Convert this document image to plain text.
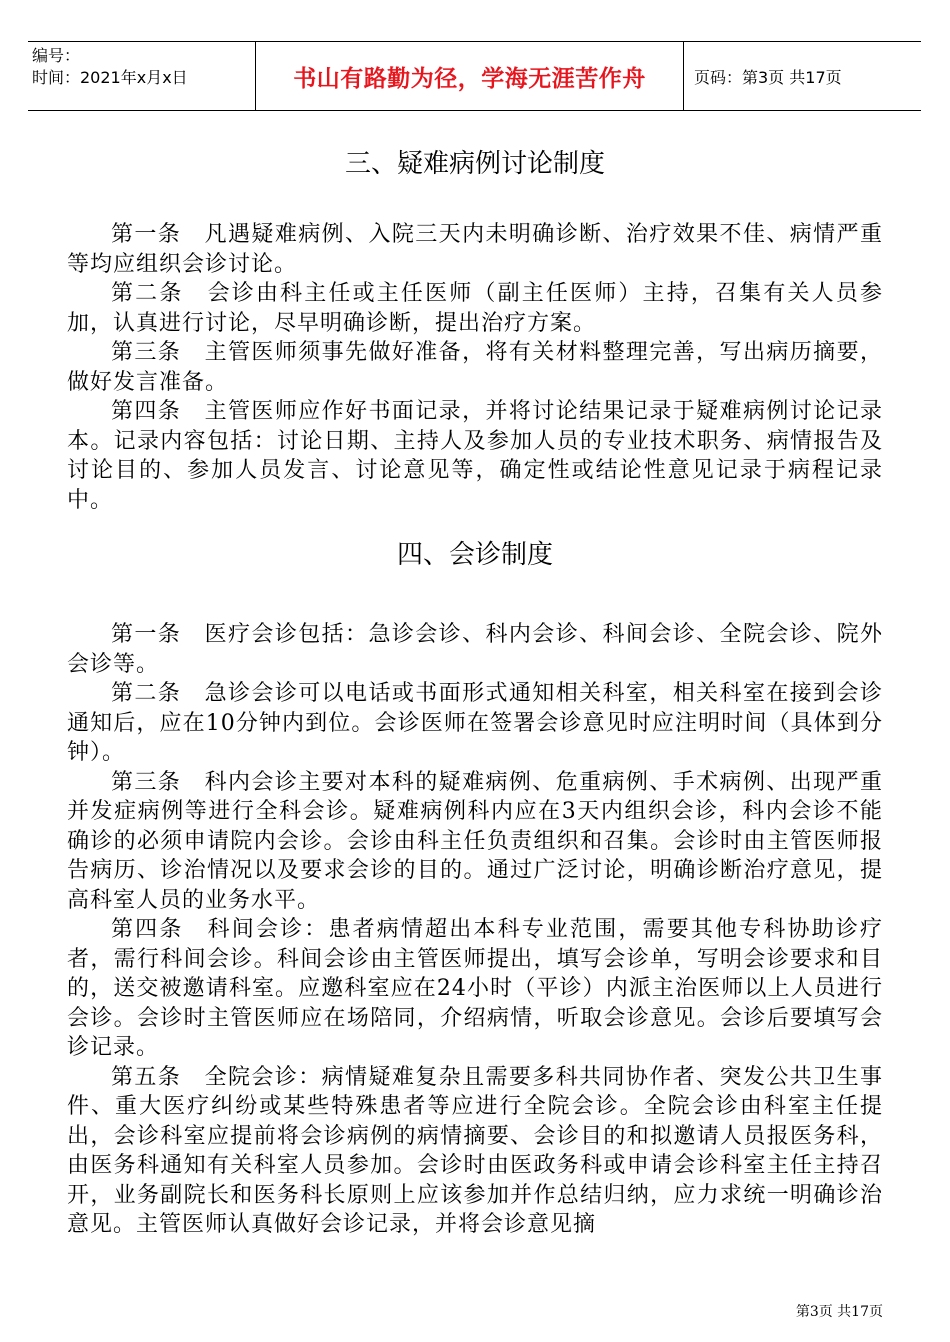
编号：
时间：2021年x月x日	书山有路勤为径，学海无涯苦作舟	页码：第3页 共17页
三、疑难病例讨论制度

第一条　凡遇疑难病例、入院三天内未明确诊断、治疗效果不佳、病情严重等均应组织会诊讨论。

第二条　会诊由科主任或主任医师（副主任医师）主持，召集有关人员参加，认真进行讨论，尽早明确诊断，提出治疗方案。

第三条　主管医师须事先做好准备，将有关材料整理完善，写出病历摘要，做好发言准备。

第四条　主管医师应作好书面记录，并将讨论结果记录于疑难病例讨论记录本。记录内容包括：讨论日期、主持人及参加人员的专业技术职务、病情报告及讨论目的、参加人员发言、讨论意见等，确定性或结论性意见记录于病程记录中。

四、会诊制度

第一条　医疗会诊包括：急诊会诊、科内会诊、科间会诊、全院会诊、院外会诊等。

第二条　急诊会诊可以电话或书面形式通知相关科室，相关科室在接到会诊通知后，应在10分钟内到位。会诊医师在签署会诊意见时应注明时间（具体到分钟）。

第三条　科内会诊主要对本科的疑难病例、危重病例、手术病例、出现严重并发症病例等进行全科会诊。疑难病例科内应在3天内组织会诊，科内会诊不能确诊的必须申请院内会诊。会诊由科主任负责组织和召集。会诊时由主管医师报告病历、诊治情况以及要求会诊的目的。通过广泛讨论，明确诊断治疗意见，提高科室人员的业务水平。

第四条　科间会诊：患者病情超出本科专业范围，需要其他专科协助诊疗者，需行科间会诊。科间会诊由主管医师提出，填写会诊单，写明会诊要求和目的，送交被邀请科室。应邀科室应在24小时（平诊）内派主治医师以上人员进行会诊。会诊时主管医师应在场陪同，介绍病情，听取会诊意见。会诊后要填写会诊记录。

第五条　全院会诊：病情疑难复杂且需要多科共同协作者、突发公共卫生事件、重大医疗纠纷或某些特殊患者等应进行全院会诊。全院会诊由科室主任提出，会诊科室应提前将会诊病例的病情摘要、会诊目的和拟邀请人员报医务科，由医务科通知有关科室人员参加。会诊时由医政务科或申请会诊科室主任主持召开，业务副院长和医务科长原则上应该参加并作总结归纳，应力求统一明确诊治意见。主管医师认真做好会诊记录，并将会诊意见摘

第3页 共17页
